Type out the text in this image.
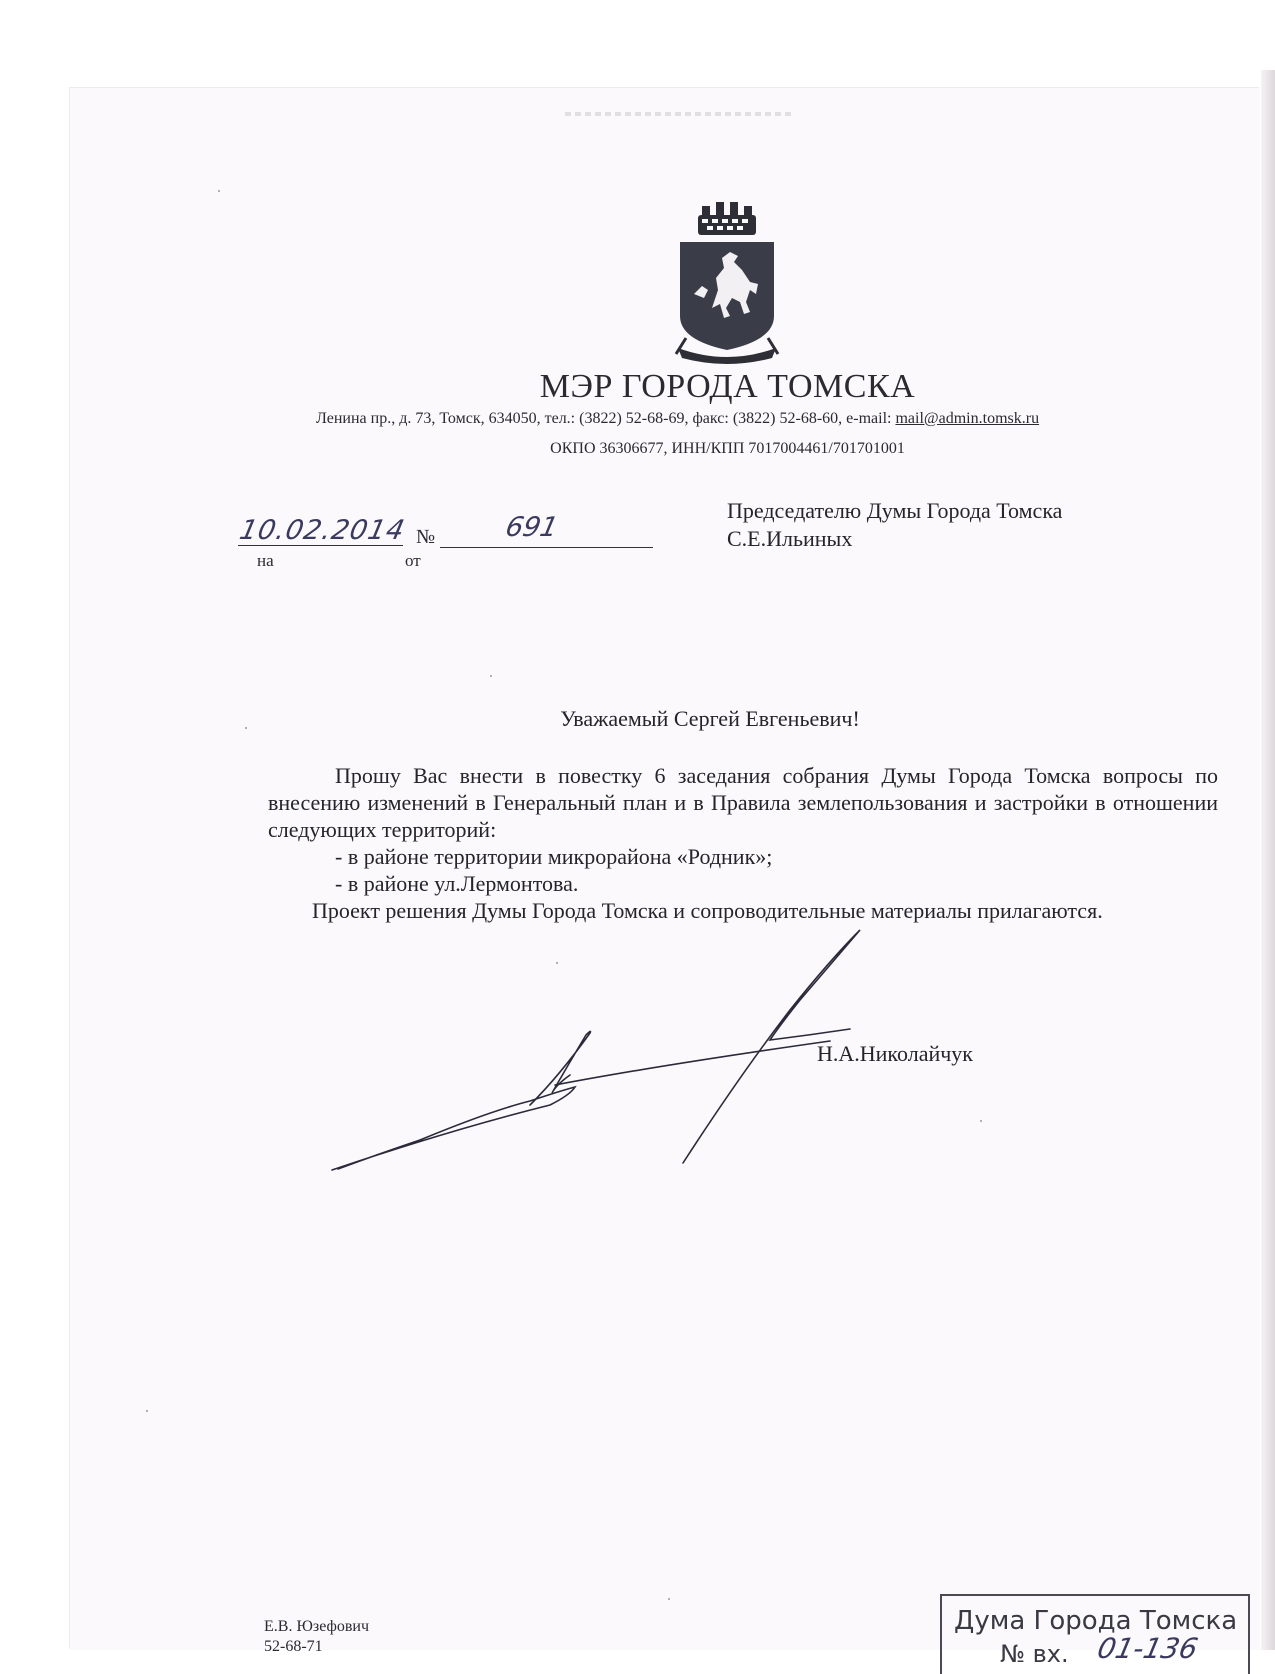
МЭР ГОРОДА ТОМСКА
Ленина пр., д. 73, Томск, 634050, тел.: (3822) 52-68-69, факс: (3822) 52-68-60, e-mail: mail@admin.tomsk.ru
ОКПО 36306677, ИНН/КПП 7017004461/701701001
10.02.2014 №	691
на	от
Председателю Думы Города Томска
С.Е.Ильиных
Уважаемый Сергей Евгеньевич!

Прошу Вас внести в повестку 6 заседания собрания Думы Города Томска вопросы по внесению изменений в Генеральный план и в Правила землепользования и застройки в отношении следующих территорий:

- в районе территории микрорайона «Родник»;

- в районе ул.Лермонтова.

Проект решения Думы Города Томска и сопроводительные материалы прилагаются.

Н.А.Николайчук
Е.В. Юзефович
52-68-71
Дума Города Томска
№ вх. 01-136
